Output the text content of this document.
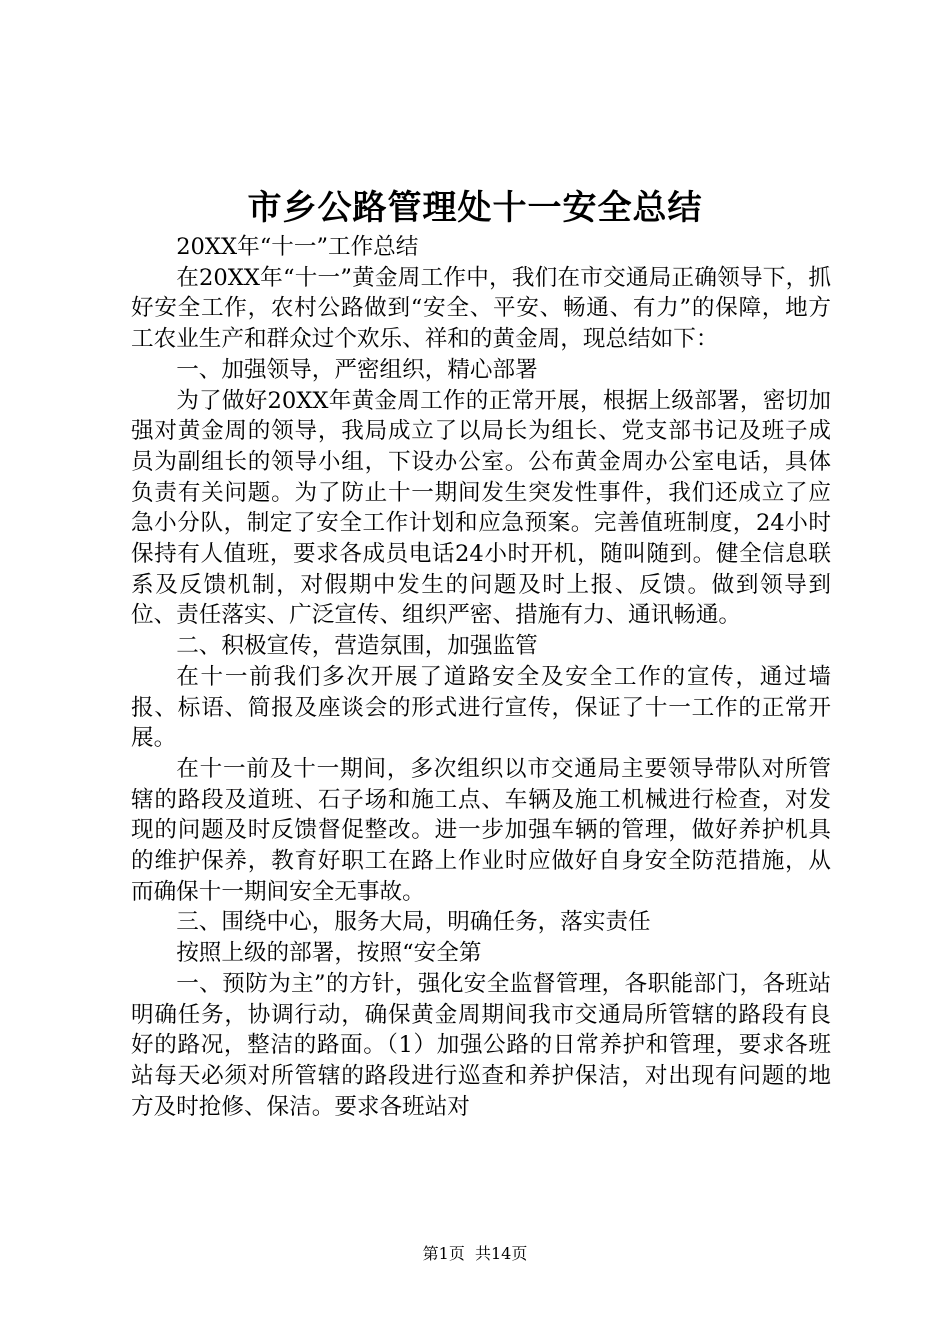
市乡公路管理处十一安全总结

20XX年“十一”工作总结

在20XX年“十一”黄金周工作中，我们在市交通局正确领导下，抓好安全工作，农村公路做到“安全、平安、畅通、有力”的保障，地方工农业生产和群众过个欢乐、祥和的黄金周，现总结如下：

一、加强领导，严密组织，精心部署

为了做好20XX年黄金周工作的正常开展，根据上级部署，密切加强对黄金周的领导，我局成立了以局长为组长、党支部书记及班子成员为副组长的领导小组，下设办公室。公布黄金周办公室电话，具体负责有关问题。为了防止十一期间发生突发性事件，我们还成立了应急小分队，制定了安全工作计划和应急预案。完善值班制度，24小时保持有人值班，要求各成员电话24小时开机，随叫随到。健全信息联系及反馈机制，对假期中发生的问题及时上报、反馈。做到领导到位、责任落实、广泛宣传、组织严密、措施有力、通讯畅通。

二、积极宣传，营造氛围，加强监管

在十一前我们多次开展了道路安全及安全工作的宣传，通过墙报、标语、简报及座谈会的形式进行宣传，保证了十一工作的正常开展。

在十一前及十一期间，多次组织以市交通局主要领导带队对所管辖的路段及道班、石子场和施工点、车辆及施工机械进行检查，对发现的问题及时反馈督促整改。进一步加强车辆的管理，做好养护机具的维护保养，教育好职工在路上作业时应做好自身安全防范措施，从而确保十一期间安全无事故。

三、围绕中心，服务大局，明确任务，落实责任

按照上级的部署，按照“安全第

一、预防为主”的方针，强化安全监督管理，各职能部门，各班站明确任务，协调行动，确保黄金周期间我市交通局所管辖的路段有良好的路况，整洁的路面。（1）加强公路的日常养护和管理，要求各班站每天必须对所管辖的路段进行巡查和养护保洁，对出现有问题的地方及时抢修、保洁。要求各班站对

第1页  共14页
